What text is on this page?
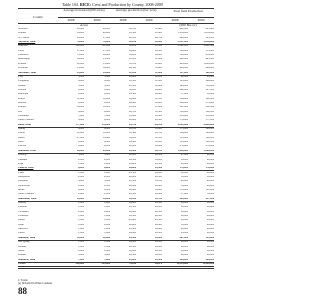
Table 104. RICE: Crest and Production by County, 2008-2009
County
Acreage harvested (000 acres)	Average production (bu/ acre)	Total field Production
2008	2009	2008	2009	2008	2009
Acres	(000 Bu./ac)
Jefferson	20,000	22,000	30,100	31,600	602,000	695,000
Lonoke	38,000	40,000	30,500	31,400	1,159,000	1,256,000
St. Francis	16,000	17,000	29,100	29,700	466,000	505,000
Northern, Total	74,000	79,000	30,100	30,900	2,227,000	2,456,000
Arkansas	109,000	111,000	30,200	31,000	3,292,000	3,441,000
Cross	17,000	17,000	29,900	30,300	508,000	515,000
Lawrence	13,000	14,000	30,200	29,900	393,000	419,000
Mississippi	16,000	15,000	30,000	31,000	480,000	465,000
Poinsett	32,000	33,000	30,100	30,900	963,000	1,020,000
Woodruff	15,000	16,000	29,500	30,400	443,000	486,000
Northeast, Total	14,000	14,000	11,200	11,600	157,000	162,000
Clay	3,000	3,000	29,900	30,100	90,000	90,000
Craighead	6,000	6,000	30,500	31,000	183,000	186,000
Greene	5,000	5,000	29,500	30,000	148,000	150,000
Jackson	8,000	8,000	30,200	30,900	242,000	247,000
Randolph	2,000	2,000	28,500	29,000	57,000	58,000
Prairie	11,000	11,000	30,400	31,100	334,000	342,000
Monroe	9,000	9,000	29,800	30,600	268,000	275,000
Phillips	10,000	10,000	30,100	31,200	301,000	312,000
Lee	4,000	4,000	29,700	30,500	119,000	122,000
Crittenden	7,000	7,000	30,000	30,800	210,000	216,000
Other Counties	6,000	6,000	29,000	29,500	174,000	177,000
Delta, Total	177,000	178,000	25,700	26,100	4,549,000	4,646,000
Ashley	6,000	6,000	29,100	30,000	175,000	180,000
Chicot	12,000	12,000	30,300	30,700	364,000	368,000
Desha	17,000	18,000	30,200	31,100	513,000	560,000
Drew	4,000	4,000	29,500	30,000	118,000	120,000
Lincoln	9,000	9,000	30,000	30,900	270,000	278,000
Southeast, Total	48,000	49,000	29,900	30,700	1,440,000	1,506,000
Conway	3,000	3,000	29,000	29,500	87,000	89,000
Faulkner	2,000	2,000	29,500	30,000	59,000	60,000
Pope	1,000	1,000	28,000	28,500	28,000	29,000
Central, Total	6,000	6,000	28,800	29,300	174,000	178,000
Clark	1,000	1,000	28,500	29,000	29,000	29,000
Hempstead	2,000	2,000	29,000	29,500	58,000	59,000
Lafayette	3,000	3,000	29,500	30,100	89,000	90,000
Little River	2,000	2,000	29,000	29,800	58,000	60,000
Miller	4,000	4,000	29,600	30,200	118,000	121,000
Other Counties	2,000	2,000	28,500	29,000	57,000	58,000
Southwest, Total	14,000	14,000	29,100	29,700	409,000	417,000
Bradley	1,000	1,000	28,000	28,500	28,000	29,000
Calhoun	1,000	1,000	28,500	29,000	29,000	29,000
Cleveland	2,000	2,000	29,000	29,500	58,000	59,000
Columbia	1,000	1,000	28,500	29,000	29,000	29,000
Dallas	1,000	1,000	28,000	28,500	28,000	29,000
Grant	2,000	2,000	29,000	29,800	58,000	60,000
Ouachita	1,000	1,000	28,500	29,000	29,000	29,000
Union	1,000	1,000	28,000	28,500	28,000	29,000
Southern, Total	10,000	10,000	28,500	29,000	287,000	293,000
Hot Spring	1,000	1,000	28,000	28,500	28,000	29,000
Garland	1,000	1,000	28,500	29,000	29,000	29,000
Saline	2,000	2,000	29,000	29,500	58,000	59,000
Pulaski	3,000	3,000	29,500	30,000	89,000	90,000
Southern, Total	7,000	7,000	29,000	29,500	204,000	208,000
STATE	350,000	353,000	73,059	26,671	11,315,000	11,424,000
1/ Totals
(a) Included in Other Counties
88
